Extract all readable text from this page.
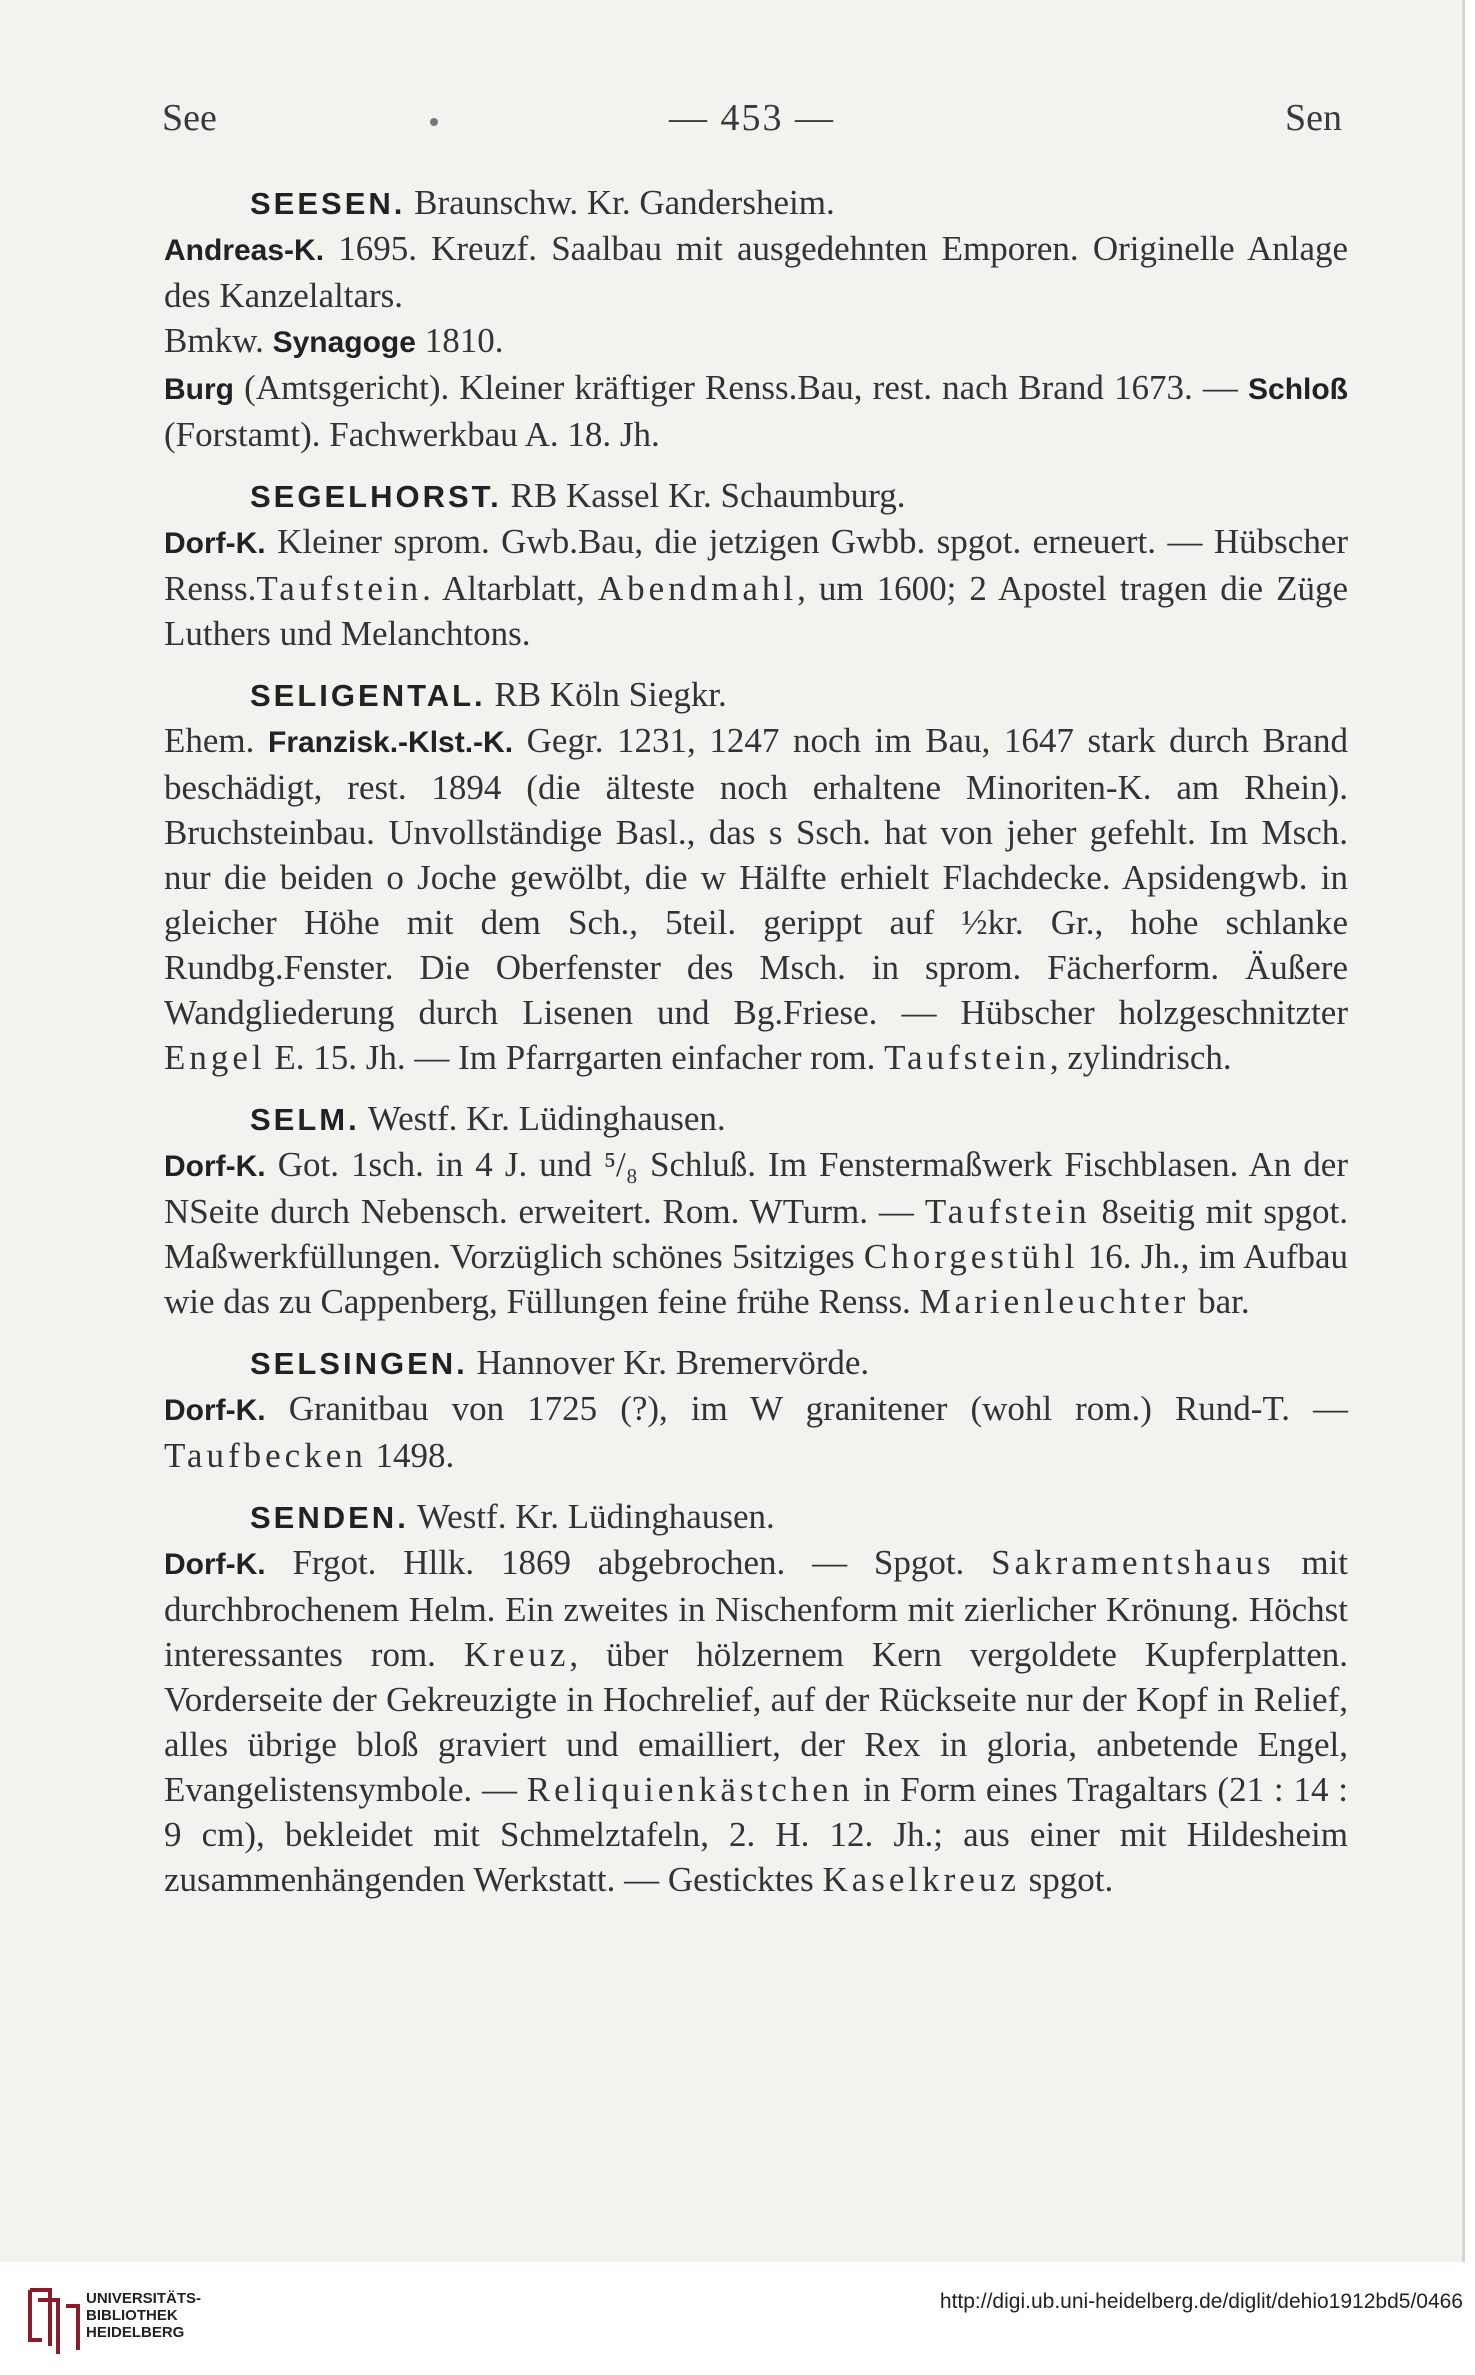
See	— 453 —	Sen
SEESEN. Braunschw. Kr. Gandersheim.

Andreas-K. 1695. Kreuzf. Saalbau mit ausgedehnten Emporen. Originelle Anlage des Kanzelaltars.

Bmkw. Synagoge 1810.

Burg (Amtsgericht). Kleiner kräftiger Renss.Bau, rest. nach Brand 1673. — Schloß (Forstamt). Fachwerkbau A. 18. Jh.

SEGELHORST. RB Kassel Kr. Schaumburg.

Dorf-K. Kleiner sprom. Gwb.Bau, die jetzigen Gwbb. spgot. erneuert. — Hübscher Renss.Taufstein. Altarblatt, Abendmahl, um 1600; 2 Apostel tragen die Züge Luthers und Melanchtons.

SELIGENTAL. RB Köln Siegkr.

Ehem. Franzisk.-Klst.-K. Gegr. 1231, 1247 noch im Bau, 1647 stark durch Brand beschädigt, rest. 1894 (die älteste noch erhaltene Minoriten-K. am Rhein). Bruchsteinbau. Unvollständige Basl., das s Ssch. hat von jeher gefehlt. Im Msch. nur die beiden o Joche gewölbt, die w Hälfte erhielt Flachdecke. Apsidengwb. in gleicher Höhe mit dem Sch., 5teil. gerippt auf ½kr. Gr., hohe schlanke Rundbg.Fenster. Die Oberfenster des Msch. in sprom. Fächerform. Äußere Wandgliederung durch Lisenen und Bg.Friese. — Hübscher holzgeschnitzter Engel E. 15. Jh. — Im Pfarrgarten einfacher rom. Taufstein, zylindrisch.

SELM. Westf. Kr. Lüdinghausen.

Dorf-K. Got. 1sch. in 4 J. und ⁵/₈ Schluß. Im Fenstermaßwerk Fischblasen. An der NSeite durch Nebensch. erweitert. Rom. WTurm. — Taufstein 8seitig mit spgot. Maßwerkfüllungen. Vorzüglich schönes 5sitziges Chorgestühl 16. Jh., im Aufbau wie das zu Cappenberg, Füllungen feine frühe Renss. Marienleuchter bar.

SELSINGEN. Hannover Kr. Bremervörde.

Dorf-K. Granitbau von 1725 (?), im W granitener (wohl rom.) Rund-T. — Taufbecken 1498.

SENDEN. Westf. Kr. Lüdinghausen.

Dorf-K. Frgot. Hllk. 1869 abgebrochen. — Spgot. Sakramentshaus mit durchbrochenem Helm. Ein zweites in Nischenform mit zierlicher Krönung. Höchst interessantes rom. Kreuz, über hölzernem Kern vergoldete Kupferplatten. Vorderseite der Gekreuzigte in Hochrelief, auf der Rückseite nur der Kopf in Relief, alles übrige bloß graviert und emailliert, der Rex in gloria, anbetende Engel, Evangelistensymbole. — Reliquienkästchen in Form eines Tragaltars (21 : 14 : 9 cm), bekleidet mit Schmelztafeln, 2. H. 12. Jh.; aus einer mit Hildesheim zusammenhängenden Werkstatt. — Gesticktes Kaselkreuz spgot.

UNIVERSITÄTS-
BIBLIOTHEK
HEIDELBERG
http://digi.ub.uni-heidelberg.de/diglit/dehio1912bd5/0466
